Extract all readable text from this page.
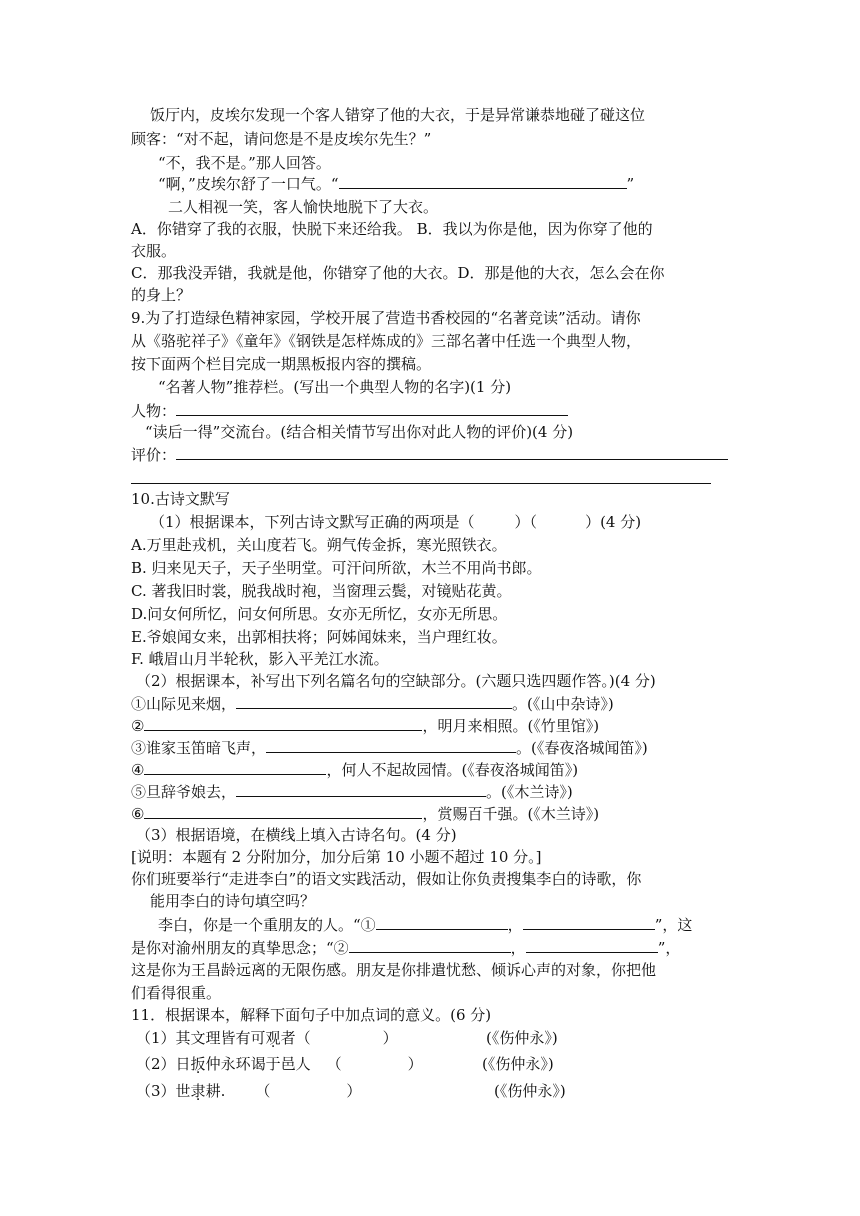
饭厅内，皮埃尔发现一个客人错穿了他的大衣，于是异常谦恭地碰了碰这位
顾客：“对不起，请问您是不是皮埃尔先生？”
“不，我不是。”那人回答。
“啊，”皮埃尔舒了一口气。“	”
二人相视一笑，客人愉快地脱下了大衣。
A．你错穿了我的衣服，快脱下来还给我。 B．我以为你是他，因为你穿了他的
衣服。
C．那我没弄错，我就是他，你错穿了他的大衣。D．那是他的大衣，怎么会在你
的身上？
9.为了打造绿色精神家园，学校开展了营造书香校园的“名著竞读”活动。请你
从《骆驼祥子》《童年》《钢铁是怎样炼成的》三部名著中任选一个典型人物，
按下面两个栏目完成一期黑板报内容的撰稿。
“名著人物”推荐栏。(写出一个典型人物的名字)(1 分)
人物：
“读后一得”交流台。(结合相关情节写出你对此人物的评价)(4 分)
评价：
10.古诗文默写
（1）根据课本，下列古诗文默写正确的两项是（	）（	）(4 分)
A.万里赴戎机，关山度若飞。朔气传金拆，寒光照铁衣。
B. 归来见天子，天子坐明堂。可汗问所欲，木兰不用尚书郎。
C. 著我旧时裳，脱我战时袍，当窗理云鬓，对镜贴花黄。
D.问女何所忆，问女何所思。女亦无所忆，女亦无所思。
E.爷娘闻女来，出郭相扶将；阿姊闻妹来，当户理红妆。
F. 峨眉山月半轮秋，影入平羌江水流。
（2）根据课本，补写出下列名篇名句的空缺部分。(六题只选四题作答。)(4 分)
①山际见来烟，	。(《山中杂诗》)
②	，明月来相照。(《竹里馆》)
③谁家玉笛暗飞声，	。(《春夜洛城闻笛》)
④	，何人不起故园情。(《春夜洛城闻笛》)
⑤旦辞爷娘去，	。(《木兰诗》)
⑥	，赏赐百千强。(《木兰诗》)
（3）根据语境，在横线上填入古诗名句。(4 分)
[说明：本题有 2 分附加分，加分后第 10 小题不超过 10 分。]
你们班要举行“走进李白”的语文实践活动，假如让你负责搜集李白的诗歌，你
能用李白的诗句填空吗？
李白，你是一个重朋友的人。“①	，	”，这
是你对渝州朋友的真挚思念；“②	，	”，
这是你为王昌龄远离的无限伤感。朋友是你排遣忧愁、倾诉心声的对象，你把他
们看得很重。
11．根据课本，解释下面句子中加点词的意义。(6 分)
（1）其文理皆有可观者（	）	(《伤仲永》)
（2）日扳仲永环谒于邑人 （	）	(《伤仲永》)
（3）世隶耕. （	）	(《伤仲永》)
